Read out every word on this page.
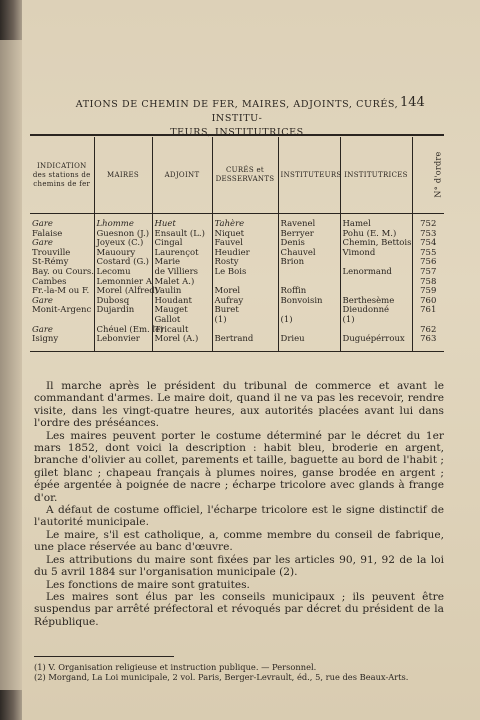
ATIONS DE CHEMIN DE FER, MAIRES, ADJOINTS, CURÉS, INSTITU-
TEURS, INSTITUTRICES
144
INDICATION des stations de chemins de fer	MAIRES	ADJOINT	CURÉS et DESSERVANTS	INSTITUTEURS	INSTITUTRICES	N° d'ordre
Gare	Lhomme	Huet	Tahère	Ravenel	Hamel	752
Falaise	Guesnon (J.)	Ensault (L.)	Niquet	Berryer	Pohu (E. M.)	753
Gare	Joyeux (C.)	Cingal	Fauvel	Denis	Chemin, Bettois	754
Trouville	Mauoury	Laurençot	Heudier	Chauvel	Vimond	755
St-Rémy	Costard (G.)	Marie	Rosty	Brion		756
Bay. ou Cours.	Lecomu	de Villiers	Le Bois		Lenormand	757
Cambes	Lemonnier A	Malet A.)				758
Fr.-la-M ou F.	Morel (Alfred)	Vaulin	Morel	Roffin		759
Gare	Dubosq	Houdant	Aufray	Bonvoisin	Berthesème	760
Monit-Argenc	Dujardin	Mauget	Buret		Dieudonné	761
		Gallot	(1)	(1)	(1)	
Gare	Chéuel (Em. le)	Tricault				762
Isigny	Lebonvier	Morel (A.)	Bertrand	Drieu	Duguépérroux	763

Il marche après le président du tribunal de commerce et avant le commandant d'armes. Le maire doit, quand il ne va pas les recevoir, rendre visite, dans les vingt-quatre heures, aux autorités placées avant lui dans l'ordre des préséances.

Les maires peuvent porter le costume déterminé par le décret du 1er mars 1852, dont voici la description : habit bleu, broderie en argent, branche d'olivier au collet, parements et taille, baguette au bord de l'habit ; gilet blanc ; chapeau français à plumes noires, ganse brodée en argent ; épée argentée à poignée de nacre ; écharpe tricolore avec glands à frange d'or.

A défaut de costume officiel, l'écharpe tricolore est le signe distinctif de l'autorité municipale.

Le maire, s'il est catholique, a, comme membre du conseil de fabrique, une place réservée au banc d'œuvre.

Les attributions du maire sont fixées par les articles 90, 91, 92 de la loi du 5 avril 1884 sur l'organisation municipale (2).

Les fonctions de maire sont gratuites.

Les maires sont élus par les conseils municipaux ; ils peuvent être suspendus par arrêté préfectoral et révoqués par décret du président de la République.

(1) V. Organisation religieuse et instruction publique. — Personnel.

(2) Morgand, La Loi municipale, 2 vol. Paris, Berger-Levrault, éd., 5, rue des Beaux-Arts.
